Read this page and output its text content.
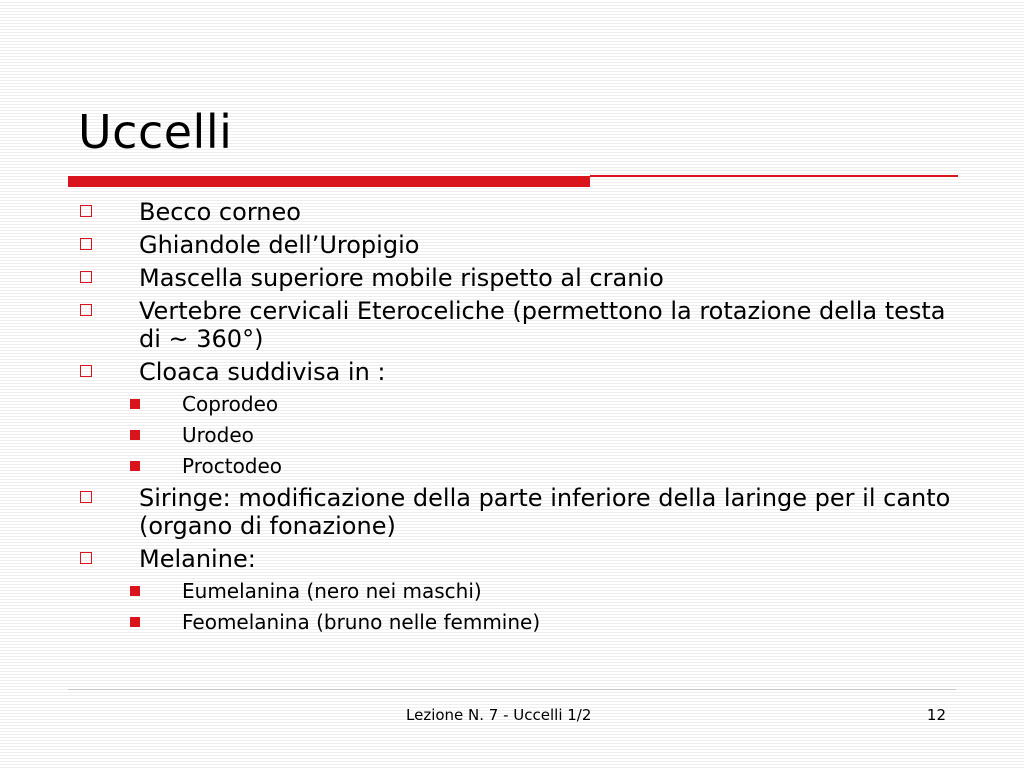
Uccelli
Becco corneo
Ghiandole dell’Uropigio
Mascella superiore mobile rispetto al cranio
Vertebre cervicali Eteroceliche (permettono la rotazione della testa di ~ 360°)
Cloaca suddivisa in :
Coprodeo
Urodeo
Proctodeo
Siringe: modificazione della parte inferiore della laringe per il canto (organo di fonazione)
Melanine:
Eumelanina (nero nei maschi)
Feomelanina (bruno nelle femmine)
Lezione N. 7 - Uccelli 1/2	12
